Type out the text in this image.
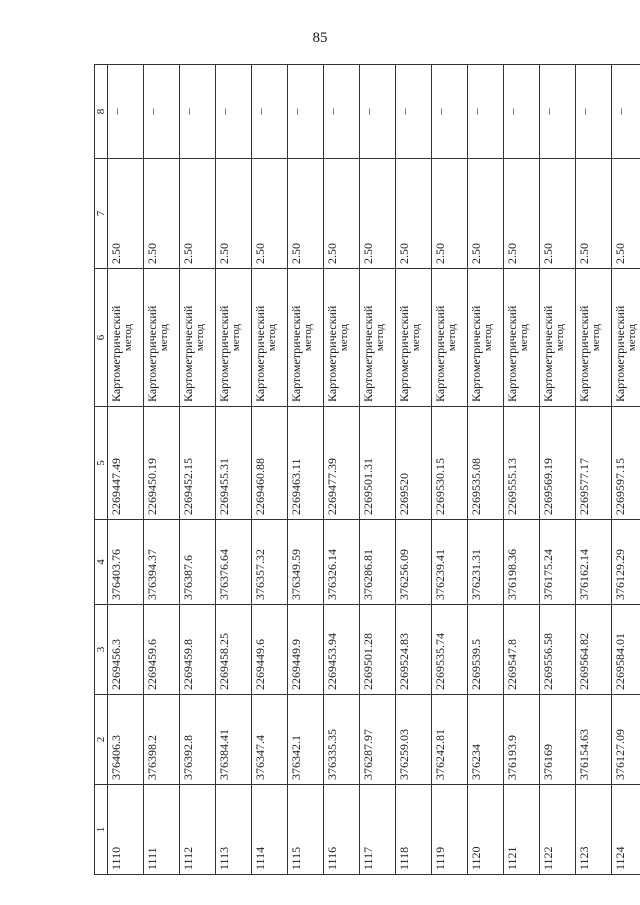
85
1	2	3	4	5	6	7	8
1110	376406.3	2269456.3	376403.76	2269447.49	Картометрический метод	2.50	–

1111	376398.2	2269459.6	376394.37	2269450.19	Картометрический метод	2.50	–

1112	376392.8	2269459.8	376387.6	2269452.15	Картометрический метод	2.50	–

1113	376384.41	2269458.25	376376.64	2269455.31	Картометрический метод	2.50	–

1114	376347.4	2269449.6	376357.32	2269460.88	Картометрический метод	2.50	–

1115	376342.1	2269449.9	376349.59	2269463.11	Картометрический метод	2.50	–

1116	376335.35	2269453.94	376326.14	2269477.39	Картометрический метод	2.50	–

1117	376287.97	2269501.28	376286.81	2269501.31	Картометрический метод	2.50	–

1118	376259.03	2269524.83	376256.09	2269520	Картометрический метод	2.50	–

1119	376242.81	2269535.74	376239.41	2269530.15	Картометрический метод	2.50	–

1120	376234	2269539.5	376231.31	2269535.08	Картометрический метод	2.50	–

1121	376193.9	2269547.8	376198.36	2269555.13	Картометрический метод	2.50	–

1122	376169	2269556.58	376175.24	2269569.19	Картометрический метод	2.50	–

1123	376154.63	2269564.82	376162.14	2269577.17	Картометрический метод	2.50	–

1124	376127.09	2269584.01	376129.29	2269597.15	Картометрический метод	2.50	–
